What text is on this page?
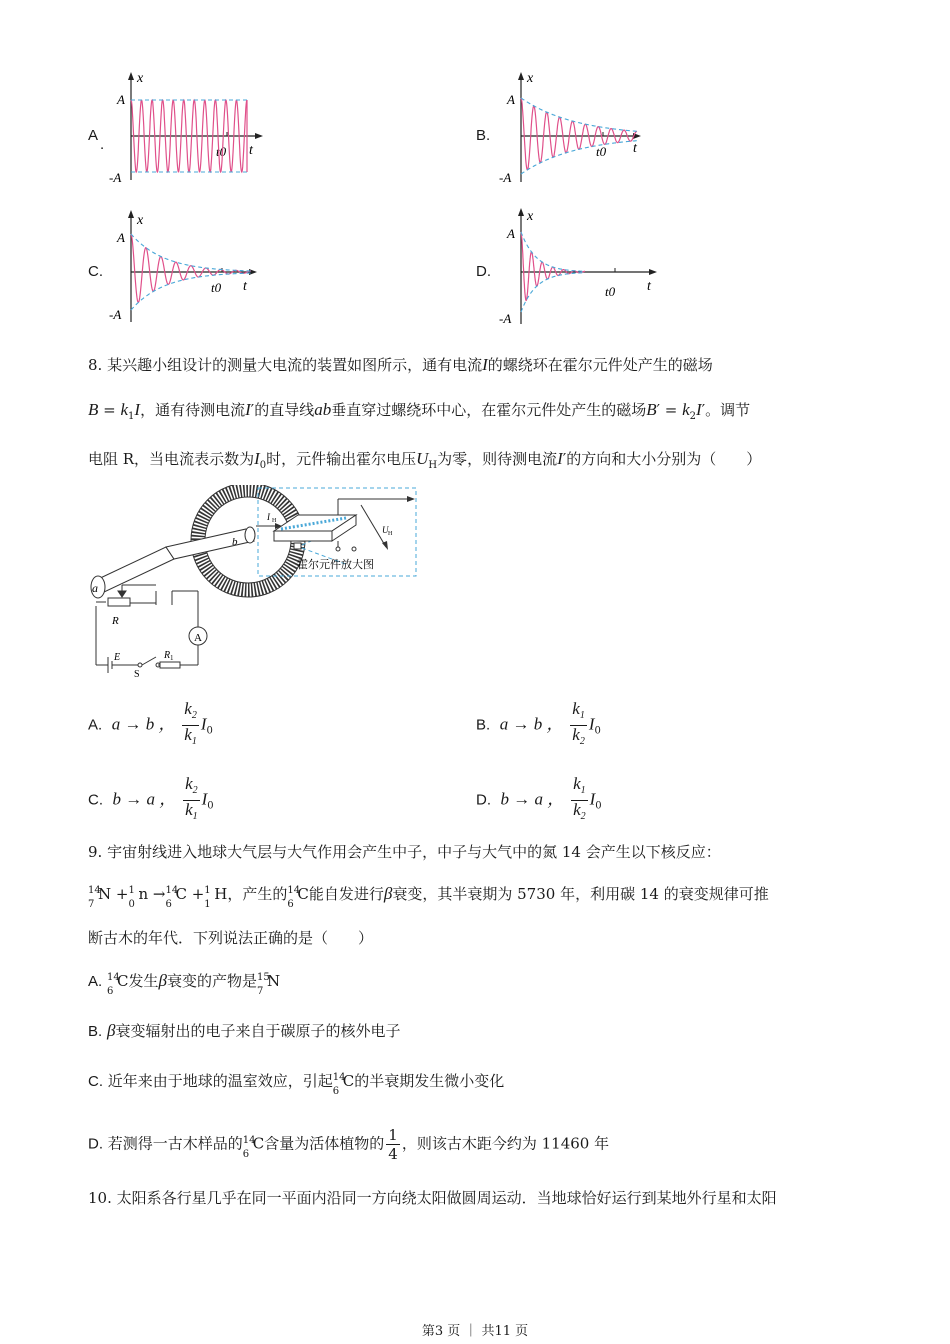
A
.
x
t
A
-A
t0
B.
x
t
A
-A
t0
C.
x
t
A
-A
t0
D.
x
t
A
-A
t0
8. 某兴趣小组设计的测量大电流的装置如图所示，通有电流I的螺绕环在霍尔元件处产生的磁场
$B = k_1I$，通有待测电流I′的直导线ab垂直穿过螺绕环中心，在霍尔元件处产生的磁场$B' = k_2I'$。调节
电阻 R，当电流表示数为$I_0$时，元件输出霍尔电压$U_H$为零，则待测电流I′的方向和大小分别为（　　）
a
b
I H
U H
霍尔元件放大图
A
R
E
S
R 1
A. a → b ， $\frac{k_2}{k_1} I_0$	B. a → b ， $\frac{k_1}{k_2} I_0$
C. b → a ， $\frac{k_2}{k_1} I_0$	D. b → a ， $\frac{k_1}{k_2} I_0$
9. 宇宙射线进入地球大气层与大气作用会产生中子，中子与大气中的氮 14 会产生以下核反应：
14
7
N + 1
0
n → 14
6
C + 1
1
H，产生的 14
6
C能自发进行β衰变，其半衰期为 5730 年，利用碳 14 的衰变规律可推
断古木的年代．下列说法正确的是（　　）
A. 14
6
C发生β衰变的产物是 15
7
N
B. β衰变辐射出的电子来自于碳原子的核外电子
C. 近年来由于地球的温室效应，引起 14
6
C的半衰期发生微小变化
D. 若测得一古木样品的 14
6
C含量为活体植物的 $\frac{1}{4}$ ，则该古木距今约为 11460 年
10. 太阳系各行星几乎在同一平面内沿同一方向绕太阳做圆周运动．当地球恰好运行到某地外行星和太阳
第3 页 ｜ 共11 页
